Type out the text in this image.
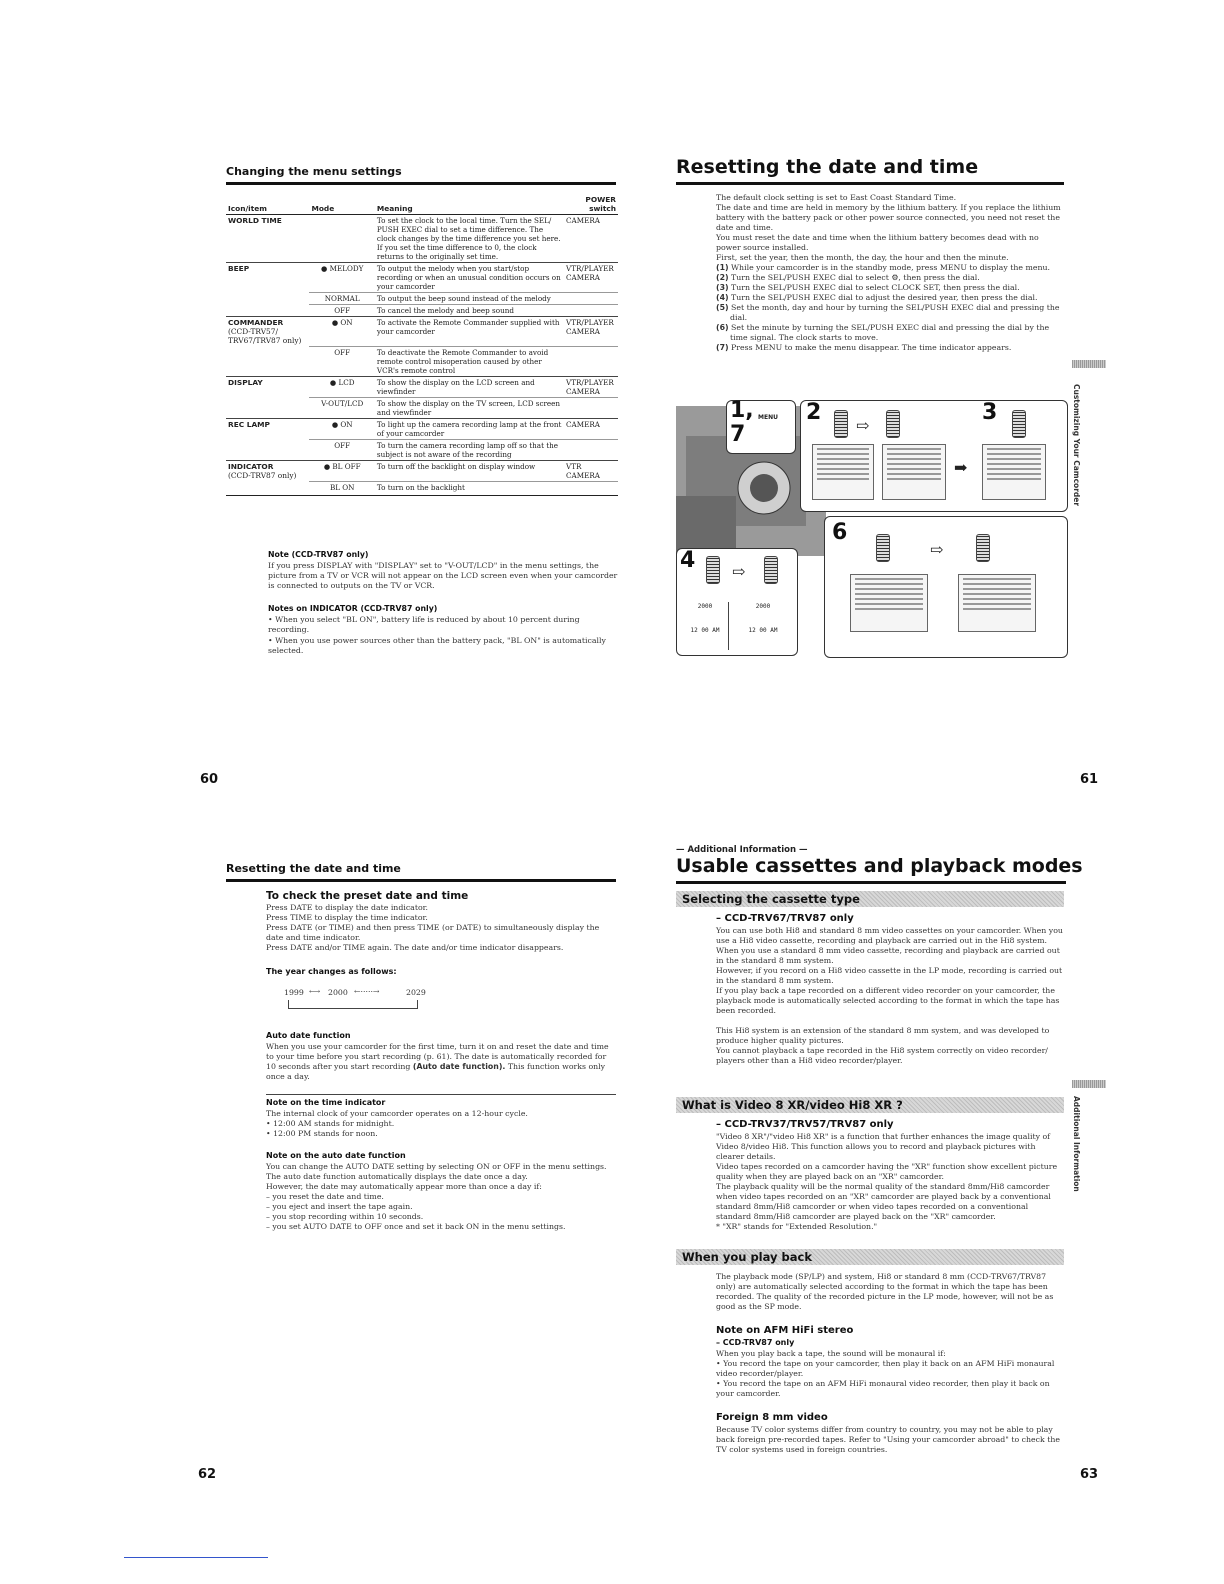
Changing the menu settings
Icon/item	Mode	Meaning	POWER
switch

WORLD TIME		To set the clock to the local time. Turn the SEL/ PUSH EXEC dial to set a time difference. The clock changes by the time difference you set here. If you set the time difference to 0, the clock returns to the originally set time.	CAMERA
BEEP	● MELODY	To output the melody when you start/stop recording or when an unusual condition occurs on your camcorder	VTR/PLAYER CAMERA
	NORMAL	To output the beep sound instead of the melody	
	OFF	To cancel the melody and beep sound	
COMMANDER
(CCD-TRV57/ TRV67/TRV87 only)	● ON	To activate the Remote Commander supplied with your camcorder	VTR/PLAYER CAMERA
	OFF	To deactivate the Remote Commander to avoid remote control misoperation caused by other VCR's remote control	
DISPLAY	● LCD	To show the display on the LCD screen and viewfinder	VTR/PLAYER CAMERA
	V-OUT/LCD	To show the display on the TV screen, LCD screen and viewfinder	
REC LAMP	● ON	To light up the camera recording lamp at the front of your camcorder	CAMERA
	OFF	To turn the camera recording lamp off so that the subject is not aware of the recording	
INDICATOR
(CCD-TRV87 only)	● BL OFF	To turn off the backlight on display window	VTR CAMERA
	BL ON	To turn on the backlight	

Note (CCD-TRV87 only)
If you press DISPLAY with "DISPLAY" set to "V-OUT/LCD" in the menu settings, the picture from a TV or VCR will not appear on the LCD screen even when your camcorder is connected to outputs on the TV or VCR.
Notes on INDICATOR (CCD-TRV87 only)
• When you select "BL ON", battery life is reduced by about 10 percent during recording.
• When you use power sources other than the battery pack, "BL ON" is automatically selected.
60
Resetting the date and time
The default clock setting is set to East Coast Standard Time.
The date and time are held in memory by the lithium battery. If you replace the lithium battery with the battery pack or other power source connected, you need not reset the date and time.
You must reset the date and time when the lithium battery becomes dead with no power source installed.
First, set the year, then the month, the day, the hour and then the minute.
(1) While your camcorder is in the standby mode, press MENU to display the menu.
(2) Turn the SEL/PUSH EXEC dial to select ⚙, then press the dial.
(3) Turn the SEL/PUSH EXEC dial to select CLOCK SET, then press the dial.
(4) Turn the SEL/PUSH EXEC dial to adjust the desired year, then press the dial.
(5) Set the month, day and hour by turning the SEL/PUSH EXEC dial and pressing the dial.
(6) Set the minute by turning the SEL/PUSH EXEC dial and pressing the dial by the time signal. The clock starts to move.
(7) Press MENU to make the menu disappear. The time indicator appears.
Customizing Your Camcorder
1, MENU
7
2	3
⇨
➡
6
⇨
4 ⇨
2000
12 00 AM
2000
12 00 AM
61
Resetting the date and time
To check the preset date and time
Press DATE to display the date indicator.
Press TIME to display the time indicator.
Press DATE (or TIME) and then press TIME (or DATE) to simultaneously display the date and time indicator.
Press DATE and/or TIME again. The date and/or time indicator disappears.
The year changes as follows:
1999 ⟷ 2000 ←·····→	2029
Auto date function
When you use your camcorder for the first time, turn it on and reset the date and time to your time before you start recording (p. 61). The date is automatically recorded for 10 seconds after you start recording (Auto date function). This function works only once a day.
Note on the time indicator
The internal clock of your camcorder operates on a 12-hour cycle.
• 12:00 AM stands for midnight.
• 12:00 PM stands for noon.
Note on the auto date function
You can change the AUTO DATE setting by selecting ON or OFF in the menu settings.
The auto date function automatically displays the date once a day.
However, the date may automatically appear more than once a day if:
– you reset the date and time.
– you eject and insert the tape again.
– you stop recording within 10 seconds.
– you set AUTO DATE to OFF once and set it back ON in the menu settings.
62
— Additional Information —
Usable cassettes and playback modes
Selecting the cassette type
– CCD-TRV67/TRV87 only
You can use both Hi8 and standard 8 mm video cassettes on your camcorder. When you use a Hi8 video cassette, recording and playback are carried out in the Hi8 system. When you use a standard 8 mm video cassette, recording and playback are carried out in the standard 8 mm system.
However, if you record on a Hi8 video cassette in the LP mode, recording is carried out in the standard 8 mm system.
If you play back a tape recorded on a different video recorder on your camcorder, the playback mode is automatically selected according to the format in which the tape has been recorded.
This Hi8 system is an extension of the standard 8 mm system, and was developed to produce higher quality pictures.
You cannot playback a tape recorded in the Hi8 system correctly on video recorder/ players other than a Hi8 video recorder/player.
Additional Information
What is Video 8 XR/video Hi8 XR ?
– CCD-TRV37/TRV57/TRV87 only
"Video 8 XR"/"video Hi8 XR" is a function that further enhances the image quality of Video 8/video Hi8. This function allows you to record and playback pictures with clearer details.
Video tapes recorded on a camcorder having the "XR" function show excellent picture quality when they are played back on an "XR" camcorder.
The playback quality will be the normal quality of the standard 8mm/Hi8 camcorder when video tapes recorded on an "XR" camcorder are played back by a conventional standard 8mm/Hi8 camcorder or when video tapes recorded on a conventional standard 8mm/Hi8 camcorder are played back on the "XR" camcorder.
* "XR" stands for "Extended Resolution."
When you play back
The playback mode (SP/LP) and system, Hi8 or standard 8 mm (CCD-TRV67/TRV87 only) are automatically selected according to the format in which the tape has been recorded. The quality of the recorded picture in the LP mode, however, will not be as good as the SP mode.
Note on AFM HiFi stereo
– CCD-TRV87 only
When you play back a tape, the sound will be monaural if:
• You record the tape on your camcorder, then play it back on an AFM HiFi monaural video recorder/player.
• You record the tape on an AFM HiFi monaural video recorder, then play it back on your camcorder.
Foreign 8 mm video
Because TV color systems differ from country to country, you may not be able to play back foreign pre-recorded tapes. Refer to "Using your camcorder abroad" to check the TV color systems used in foreign countries.
63
